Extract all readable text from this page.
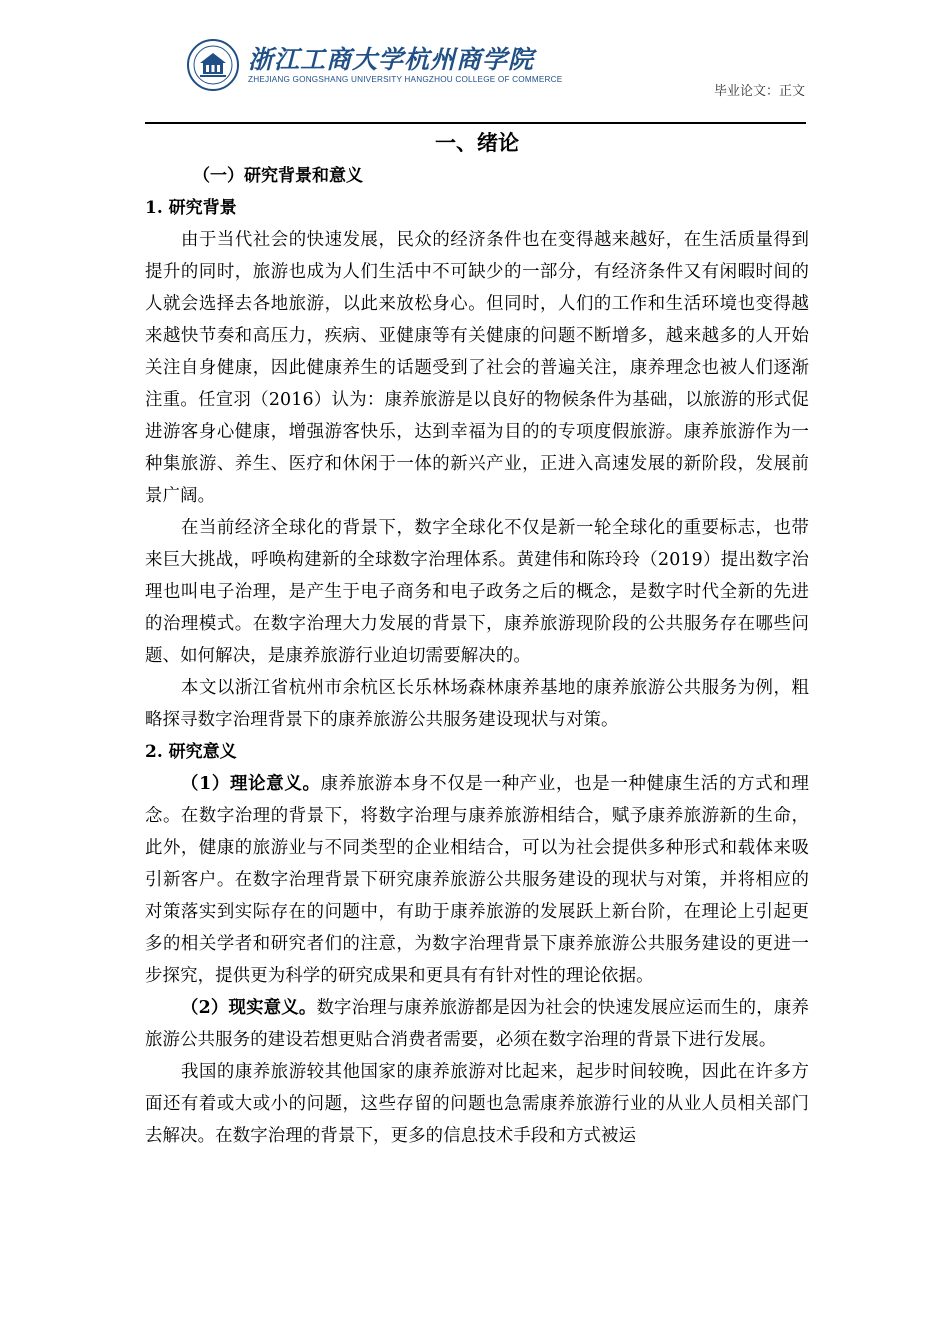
浙江工商大学杭州商学院
ZHEJIANG GONGSHANG UNIVERSITY HANGZHOU COLLEGE OF COMMERCE
毕业论文：正文
一、绪论
（一）研究背景和意义
1. 研究背景

由于当代社会的快速发展，民众的经济条件也在变得越来越好，在生活质量得到提升的同时，旅游也成为人们生活中不可缺少的一部分，有经济条件又有闲暇时间的人就会选择去各地旅游，以此来放松身心。但同时，人们的工作和生活环境也变得越来越快节奏和高压力，疾病、亚健康等有关健康的问题不断增多，越来越多的人开始关注自身健康，因此健康养生的话题受到了社会的普遍关注，康养理念也被人们逐渐注重。任宣羽（2016）认为：康养旅游是以良好的物候条件为基础，以旅游的形式促进游客身心健康，增强游客快乐，达到幸福为目的的专项度假旅游。康养旅游作为一种集旅游、养生、医疗和休闲于一体的新兴产业，正进入高速发展的新阶段，发展前景广阔。

在当前经济全球化的背景下，数字全球化不仅是新一轮全球化的重要标志，也带来巨大挑战，呼唤构建新的全球数字治理体系。黄建伟和陈玲玲（2019）提出数字治理也叫电子治理，是产生于电子商务和电子政务之后的概念，是数字时代全新的先进的治理模式。在数字治理大力发展的背景下，康养旅游现阶段的公共服务存在哪些问题、如何解决，是康养旅游行业迫切需要解决的。

本文以浙江省杭州市余杭区长乐林场森林康养基地的康养旅游公共服务为例，粗略探寻数字治理背景下的康养旅游公共服务建设现状与对策。

2. 研究意义

（1）理论意义。康养旅游本身不仅是一种产业，也是一种健康生活的方式和理念。在数字治理的背景下，将数字治理与康养旅游相结合，赋予康养旅游新的生命，此外，健康的旅游业与不同类型的企业相结合，可以为社会提供多种形式和载体来吸引新客户。在数字治理背景下研究康养旅游公共服务建设的现状与对策，并将相应的对策落实到实际存在的问题中，有助于康养旅游的发展跃上新台阶，在理论上引起更多的相关学者和研究者们的注意，为数字治理背景下康养旅游公共服务建设的更进一步探究，提供更为科学的研究成果和更具有有针对性的理论依据。

（2）现实意义。数字治理与康养旅游都是因为社会的快速发展应运而生的，康养旅游公共服务的建设若想更贴合消费者需要，必须在数字治理的背景下进行发展。

我国的康养旅游较其他国家的康养旅游对比起来，起步时间较晚，因此在许多方面还有着或大或小的问题，这些存留的问题也急需康养旅游行业的从业人员相关部门去解决。在数字治理的背景下，更多的信息技术手段和方式被运
